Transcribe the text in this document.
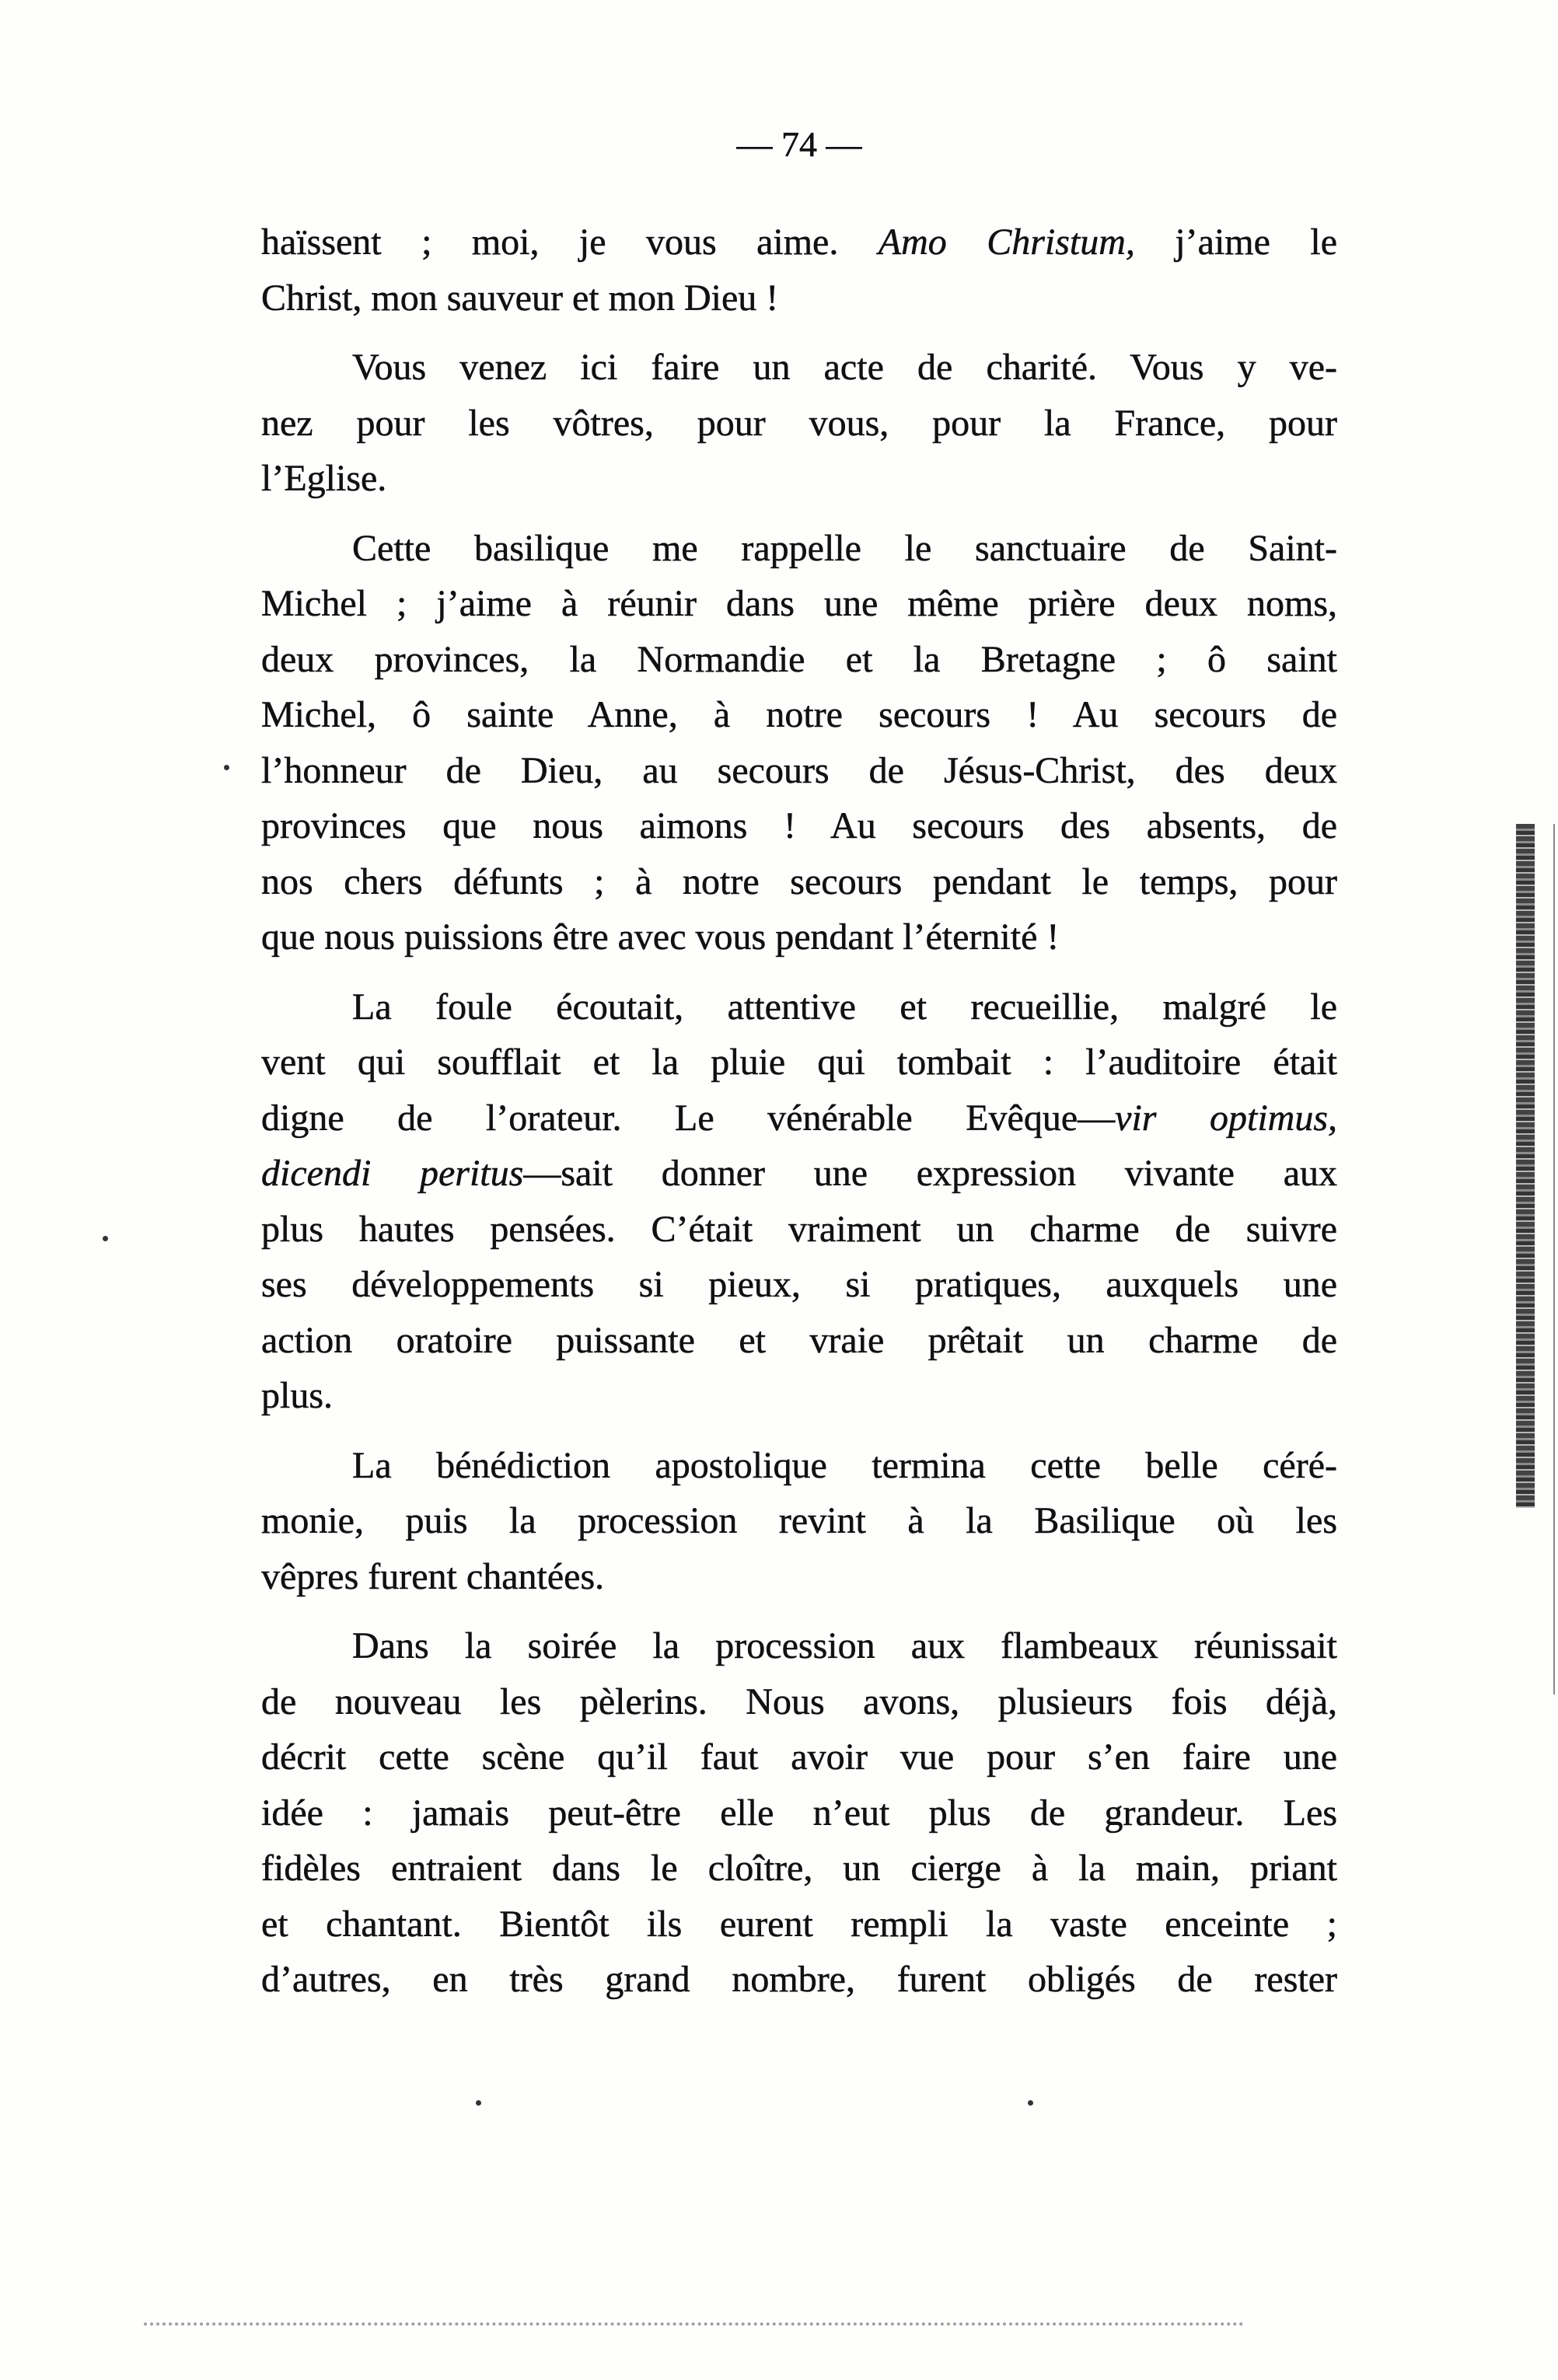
— 74 —
haïssent ; moi, je vous aime. Amo Christum, j’aime le
Christ, mon sauveur et mon Dieu !
Vous venez ici faire un acte de charité. Vous y ve-
nez pour les vôtres, pour vous, pour la France, pour
l’Eglise.
Cette basilique me rappelle le sanctuaire de Saint-
Michel ; j’aime à réunir dans une même prière deux noms,
deux provinces, la Normandie et la Bretagne ; ô saint
Michel, ô sainte Anne, à notre secours ! Au secours de
l’honneur de Dieu, au secours de Jésus-Christ, des deux
provinces que nous aimons ! Au secours des absents, de
nos chers défunts ; à notre secours pendant le temps, pour
que nous puissions être avec vous pendant l’éternité !
La foule écoutait, attentive et recueillie, malgré le
vent qui soufflait et la pluie qui tombait : l’auditoire était
digne de l’orateur. Le vénérable Evêque—vir optimus,
dicendi peritus—sait donner une expression vivante aux
plus hautes pensées. C’était vraiment un charme de suivre
ses développements si pieux, si pratiques, auxquels une
action oratoire puissante et vraie prêtait un charme de
plus.
La bénédiction apostolique termina cette belle céré-
monie, puis la procession revint à la Basilique où les
vêpres furent chantées.
Dans la soirée la procession aux flambeaux réunissait
de nouveau les pèlerins. Nous avons, plusieurs fois déjà,
décrit cette scène qu’il faut avoir vue pour s’en faire une
idée : jamais peut-être elle n’eut plus de grandeur. Les
fidèles entraient dans le cloître, un cierge à la main, priant
et chantant. Bientôt ils eurent rempli la vaste enceinte ;
d’autres, en très grand nombre, furent obligés de rester
